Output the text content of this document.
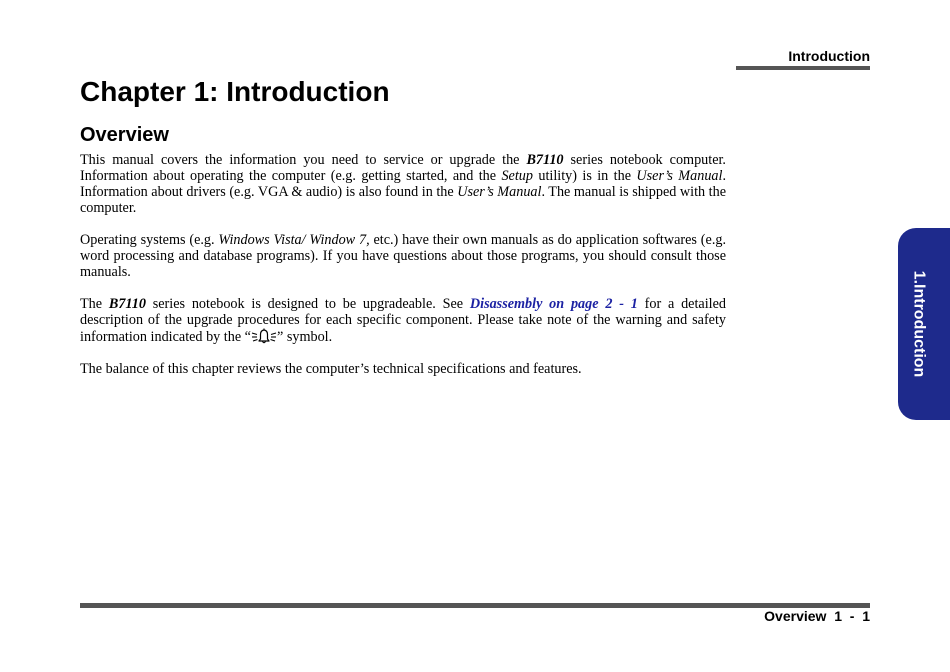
Introduction
Chapter 1: Introduction
Overview

This manual covers the information you need to service or upgrade the B7110 series notebook computer. Information about operating the computer (e.g. getting started, and the Setup utility) is in the User’s Manual. Information about drivers (e.g. VGA & audio) is also found in the User’s Manual. The manual is shipped with the computer.

Operating systems (e.g. Windows Vista/ Window 7, etc.) have their own manuals as do application softwares (e.g. word processing and database programs). If you have questions about those programs, you should consult those manuals.

The B7110 series notebook is designed to be upgradeable. See Disassembly on page 2 - 1 for a detailed description of the upgrade procedures for each specific component. Please take note of the warning and safety information indicated by the “ ” symbol.

The balance of this chapter reviews the computer’s technical specifications and features.	1.Introduction
Overview  1  -  1
